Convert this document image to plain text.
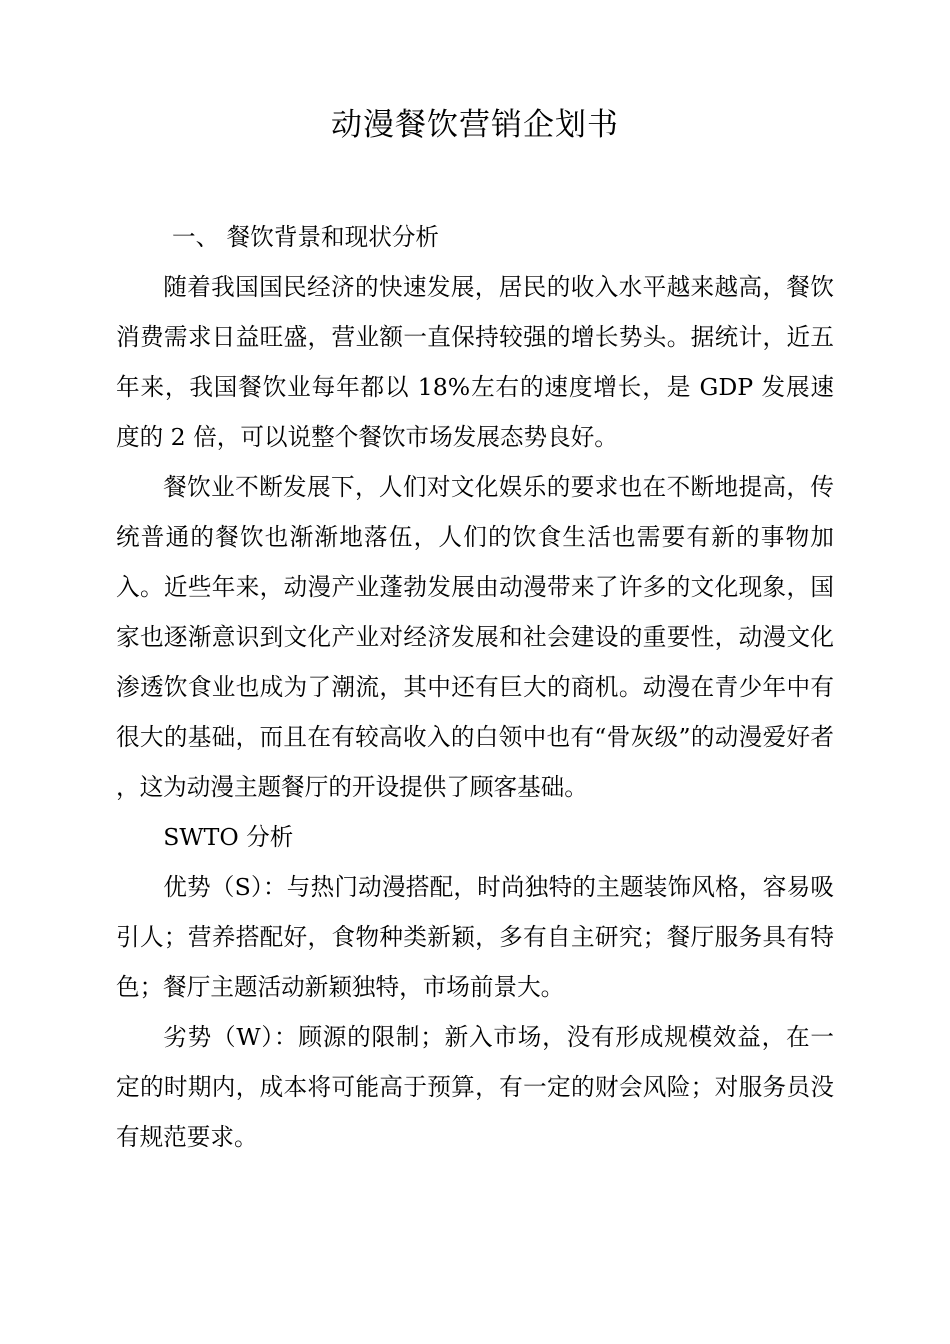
动漫餐饮营销企划书

一、 餐饮背景和现状分析

随着我国国民经济的快速发展，居民的收入水平越来越高，餐饮消费需求日益旺盛，营业额一直保持较强的增长势头。据统计，近五年来，我国餐饮业每年都以 18%左右的速度增长，是 GDP 发展速度的 2 倍，可以说整个餐饮市场发展态势良好。

餐饮业不断发展下，人们对文化娱乐的要求也在不断地提高，传统普通的餐饮也渐渐地落伍，人们的饮食生活也需要有新的事物加入。近些年来，动漫产业蓬勃发展由动漫带来了许多的文化现象，国家也逐渐意识到文化产业对经济发展和社会建设的重要性，动漫文化渗透饮食业也成为了潮流，其中还有巨大的商机。动漫在青少年中有很大的基础，而且在有较高收入的白领中也有“骨灰级”的动漫爱好者 ，这为动漫主题餐厅的开设提供了顾客基础。

SWTO 分析

优势（S）：与热门动漫搭配，时尚独特的主题装饰风格，容易吸引人；营养搭配好，食物种类新颖，多有自主研究；餐厅服务具有特色；餐厅主题活动新颖独特，市场前景大。

劣势（W）：顾源的限制；新入市场，没有形成规模效益，在一定的时期内，成本将可能高于预算，有一定的财会风险；对服务员没有规范要求。
